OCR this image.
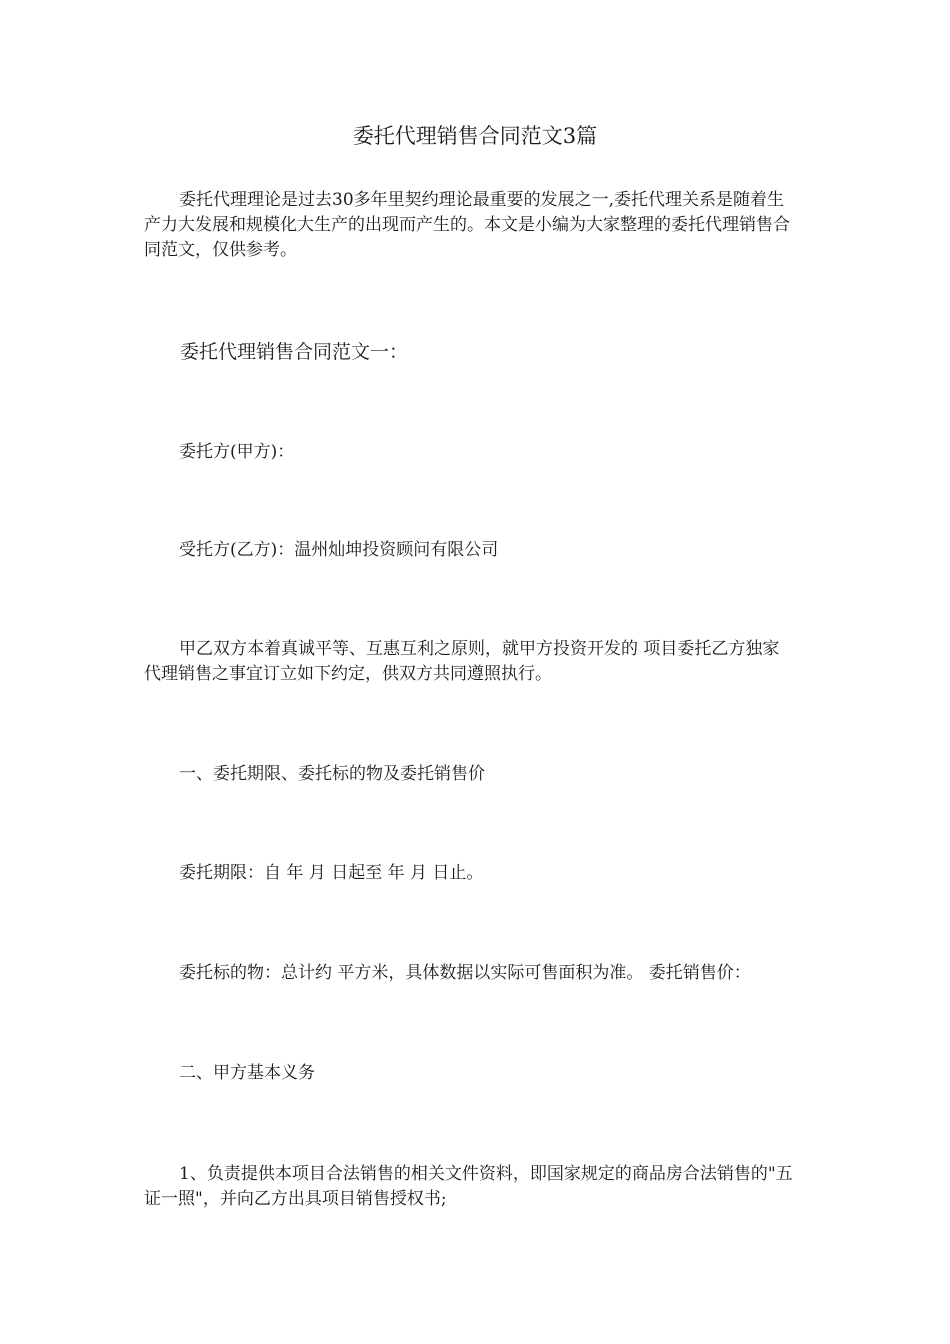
委托代理销售合同范文3篇
委托代理理论是过去30多年里契约理论最重要的发展之一,委托代理关系是随着生
产力大发展和规模化大生产的出现而产生的。本文是小编为大家整理的委托代理销售合
同范文，仅供参考。
委托代理销售合同范文一：
委托方(甲方)：
受托方(乙方)：温州灿坤投资顾问有限公司
甲乙双方本着真诚平等、互惠互利之原则，就甲方投资开发的 项目委托乙方独家
代理销售之事宜订立如下约定，供双方共同遵照执行。
一、委托期限、委托标的物及委托销售价
委托期限：自 年 月 日起至 年 月 日止。
委托标的物：总计约 平方米，具体数据以实际可售面积为准。 委托销售价：
二、甲方基本义务
1、负责提供本项目合法销售的相关文件资料，即国家规定的商品房合法销售的"五
证一照"，并向乙方出具项目销售授权书;
